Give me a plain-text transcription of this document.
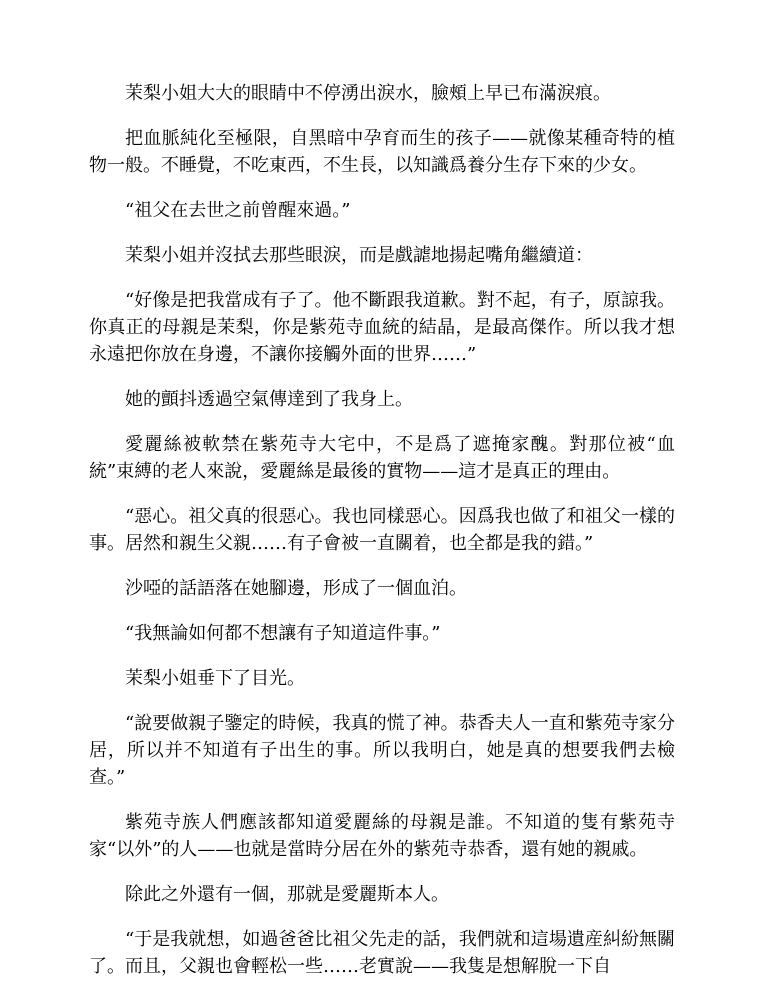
茉梨小姐大大的眼睛中不停湧出淚水，臉頰上早已布滿淚痕。

把血脈純化至極限，自黑暗中孕育而生的孩子——就像某種奇特的植物一般。不睡覺，不吃東西，不生長，以知識爲養分生存下來的少女。

“祖父在去世之前曾醒來過。”

茉梨小姐并沒拭去那些眼淚，而是戲謔地揚起嘴角繼續道：

“好像是把我當成有子了。他不斷跟我道歉。對不起，有子，原諒我。你真正的母親是茉梨，你是紫苑寺血統的結晶，是最高傑作。所以我才想永遠把你放在身邊，不讓你接觸外面的世界……”

她的顫抖透過空氣傳達到了我身上。

愛麗絲被軟禁在紫苑寺大宅中，不是爲了遮掩家醜。對那位被“血統”束縛的老人來說，愛麗絲是最後的實物——這才是真正的理由。

“惡心。祖父真的很惡心。我也同樣惡心。因爲我也做了和祖父一樣的事。居然和親生父親……有子會被一直關着，也全都是我的錯。”

沙啞的話語落在她腳邊，形成了一個血泊。

“我無論如何都不想讓有子知道這件事。”

茉梨小姐垂下了目光。

“說要做親子鑒定的時候，我真的慌了神。恭香夫人一直和紫苑寺家分居，所以并不知道有子出生的事。所以我明白，她是真的想要我們去檢查。”

紫苑寺族人們應該都知道愛麗絲的母親是誰。不知道的隻有紫苑寺家“以外”的人——也就是當時分居在外的紫苑寺恭香，還有她的親戚。

除此之外還有一個，那就是愛麗斯本人。

“于是我就想，如過爸爸比祖父先走的話，我們就和這場遺産糾紛無關了。而且，父親也會輕松一些……老實說——我隻是想解脫一下自
